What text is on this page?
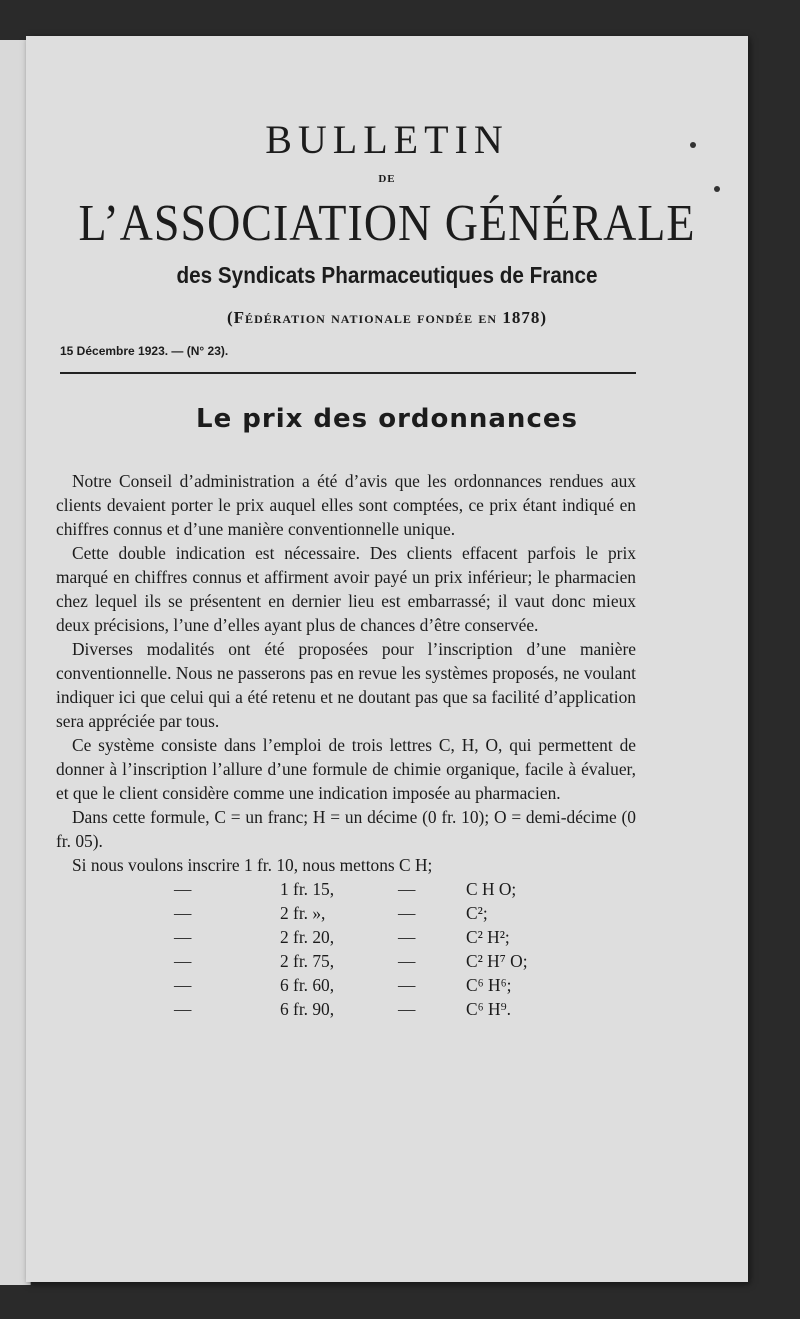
BULLETIN
DE
L’ASSOCIATION GÉNÉRALE
des Syndicats Pharmaceutiques de France
(Fédération nationale fondée en 1878)
15 Décembre 1923. — (N° 23).
Le prix des ordonnances

Notre Conseil d’administration a été d’avis que les ordonnances rendues aux clients devaient porter le prix auquel elles sont comptées, ce prix étant indiqué en chiffres connus et d’une manière conventionnelle unique.

Cette double indication est nécessaire. Des clients effacent parfois le prix marqué en chiffres connus et affirment avoir payé un prix inférieur; le pharmacien chez lequel ils se présentent en dernier lieu est embarrassé; il vaut donc mieux deux précisions, l’une d’elles ayant plus de chances d’être conservée.

Diverses modalités ont été proposées pour l’inscription d’une manière conventionnelle. Nous ne passerons pas en revue les systèmes proposés, ne voulant indiquer ici que celui qui a été retenu et ne doutant pas que sa facilité d’application sera appréciée par tous.

Ce système consiste dans l’emploi de trois lettres C, H, O, qui permettent de donner à l’inscription l’allure d’une formule de chimie organique, facile à évaluer, et que le client considère comme une indication imposée au pharmacien.

Dans cette formule, C = un franc; H = un décime (0 fr. 10); O = demi-décime (0 fr. 05).

Si nous voulons inscrire 1 fr. 10, nous mettons C H;

—	1 fr. 15,	—	C H O;
—	2 fr. »,	—	C²;
—	2 fr. 20,	—	C² H²;
—	2 fr. 75,	—	C² H⁷ O;
—	6 fr. 60,	—	C⁶ H⁶;
—	6 fr. 90,	—	C⁶ H⁹.
